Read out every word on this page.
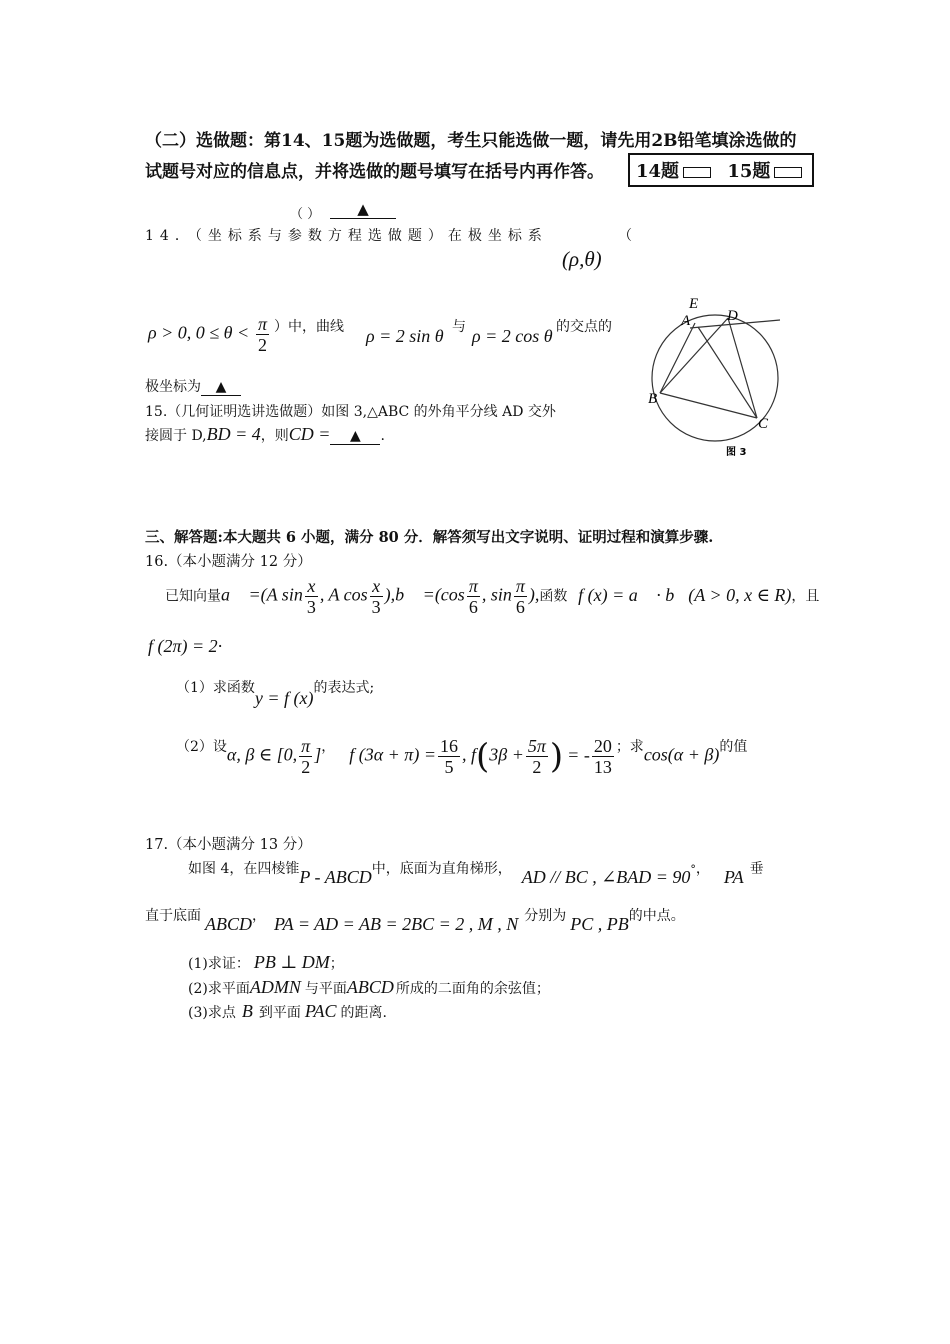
（二）选做题：第14、15题为选做题，考生只能选做一题，请先用2B铅笔填涂选做的
试题号对应的信息点，并将选做的题号填写在括号内再作答。	14题	15题
（ ）	▲
14．（坐标系与参数方程选做题）在极坐标系	（
(ρ,θ)
ρ > 0, $0 \le \theta < \frac{\pi}{2}$ ）中，曲线 ρ = 2 sin θ 与 ρ = 2 cos θ 的交点的
极坐标为 ▲
15.（几何证明选讲选做题）如图 3,△ABC 的外角平分线 AD 交外
接圆于 D,BD = 4，则CD = ▲ .
E
A D
B
C
图 3
三、解答题:本大题共 6 小题，满分 80 分．解答须写出文字说明、证明过程和演算步骤.
16.（本小题满分 12 分）
已知向量a⃗ =(A $\sin \frac{x}{3}$ , A $\cos \frac{x}{3}$ ),b⃗ $=(\cos \frac{\pi}{6}$ , $\sin \frac{\pi}{6}$ ),函数 f (x) = a⃗ · b⃗(A > 0, x ∈ R)，且
f (2π) = 2·
（1）求函数y = f (x)的表达式;
（2）设α, β ∈ [0, $\frac{\pi}{2}$ ]， f $(3\alpha + \pi) = \frac{16}{5}$ , $f(3\beta + \frac{5\pi}{2}$ ) = - $\frac{20}{13}$ ；求cos(α + β)的值
17.（本小题满分 13 分）
如图 4，在四棱锥P - ABCD中，底面为直角梯形， AD // BC , ∠BAD = 90°， PA 垂
直于底面 ABCD， PA = AD = AB = 2BC = 2 , M , N 分别为 PC , PB的中点。
(1)求证： PB ⊥ DM；
(2)求平面ADMN 与平面ABCD 所成的二面角的余弦值；
(3)求点 B 到平面 PAC 的距离.
